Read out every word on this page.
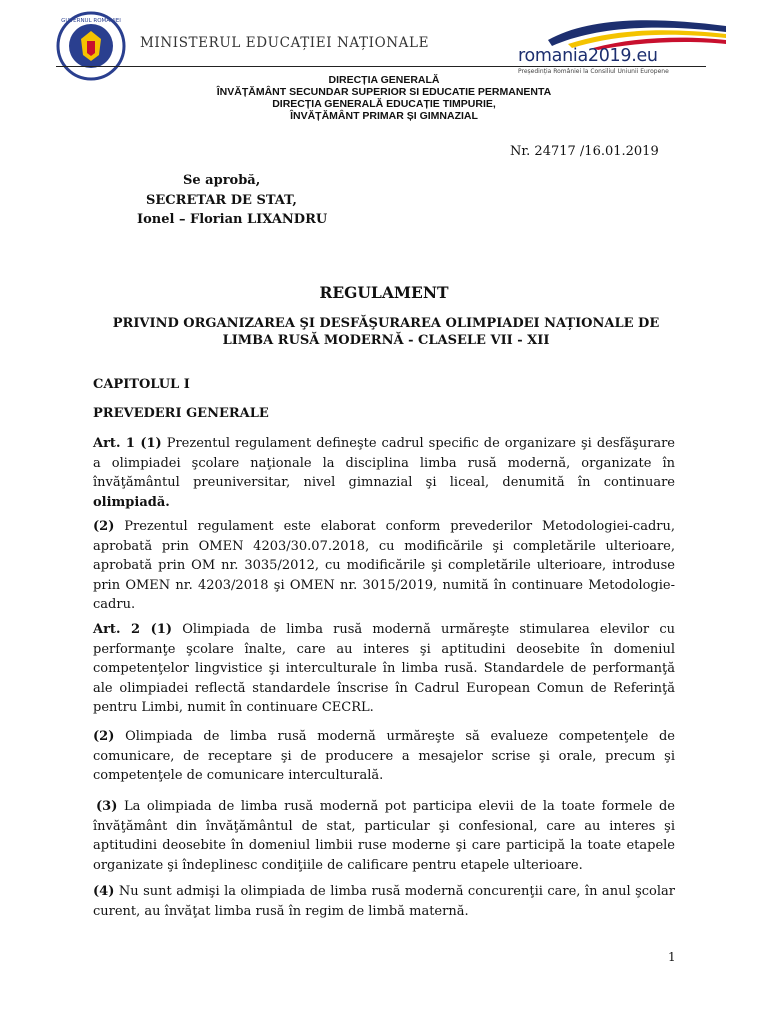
GUVERNUL ROMÂNIEI
MINISTERUL EDUCAȚIEI NAȚIONALE
romania2019.eu
Președinția României la Consiliul Uniunii Europene
DIRECȚIA GENERALĂ
ÎNVĂȚĂMÂNT SECUNDAR SUPERIOR SI EDUCATIE PERMANENTA
DIRECȚIA GENERALĂ EDUCAȚIE TIMPURIE,
ÎNVĂȚĂMÂNT PRIMAR ȘI GIMNAZIAL
Nr. 24717 /16.01.2019
Se aprobă,
SECRETAR DE STAT,
Ionel – Florian LIXANDRU
REGULAMENT
PRIVIND ORGANIZAREA ŞI DESFĂŞURAREA OLIMPIADEI NAȚIONALE DE LIMBA RUSĂ MODERNĂ - CLASELE VII - XII
CAPITOLUL I
PREVEDERI GENERALE
Art. 1 (1) Prezentul regulament defineşte cadrul specific de organizare şi desfăşurare a olimpiadei şcolare naţionale la disciplina limba rusă modernă, organizate în învăţământul preuniversitar, nivel gimnazial şi liceal, denumită în continuare olimpiadă.
(2) Prezentul regulament este elaborat conform prevederilor Metodologiei-cadru, aprobată prin OMEN 4203/30.07.2018, cu modificările şi completările ulterioare, aprobată prin OM nr. 3035/2012, cu modificările şi completările ulterioare, introduse prin OMEN nr. 4203/2018 şi OMEN nr. 3015/2019, numită în continuare Metodologie-cadru.
Art. 2 (1) Olimpiada de limba rusă modernă urmăreşte stimularea elevilor cu performanţe şcolare înalte, care au interes şi aptitudini deosebite în domeniul competenţelor lingvistice şi interculturale în limba rusă. Standardele de performanţă ale olimpiadei reflectă standardele înscrise în Cadrul European Comun de Referinţă pentru Limbi, numit în continuare CECRL.
(2) Olimpiada de limba rusă modernă urmăreşte să evalueze competenţele de comunicare, de receptare şi de producere a mesajelor scrise şi orale, precum şi competenţele de comunicare interculturală.
(3) La olimpiada de limba rusă modernă pot participa elevii de la toate formele de învăţământ din învăţământul de stat, particular şi confesional, care au interes şi aptitudini deosebite în domeniul limbii ruse moderne şi care participă la toate etapele organizate şi îndeplinesc condiţiile de calificare pentru etapele ulterioare.
(4) Nu sunt admişi la olimpiada de limba rusă modernă concurenţii care, în anul şcolar curent, au învăţat limba rusă în regim de limbă maternă.
1
